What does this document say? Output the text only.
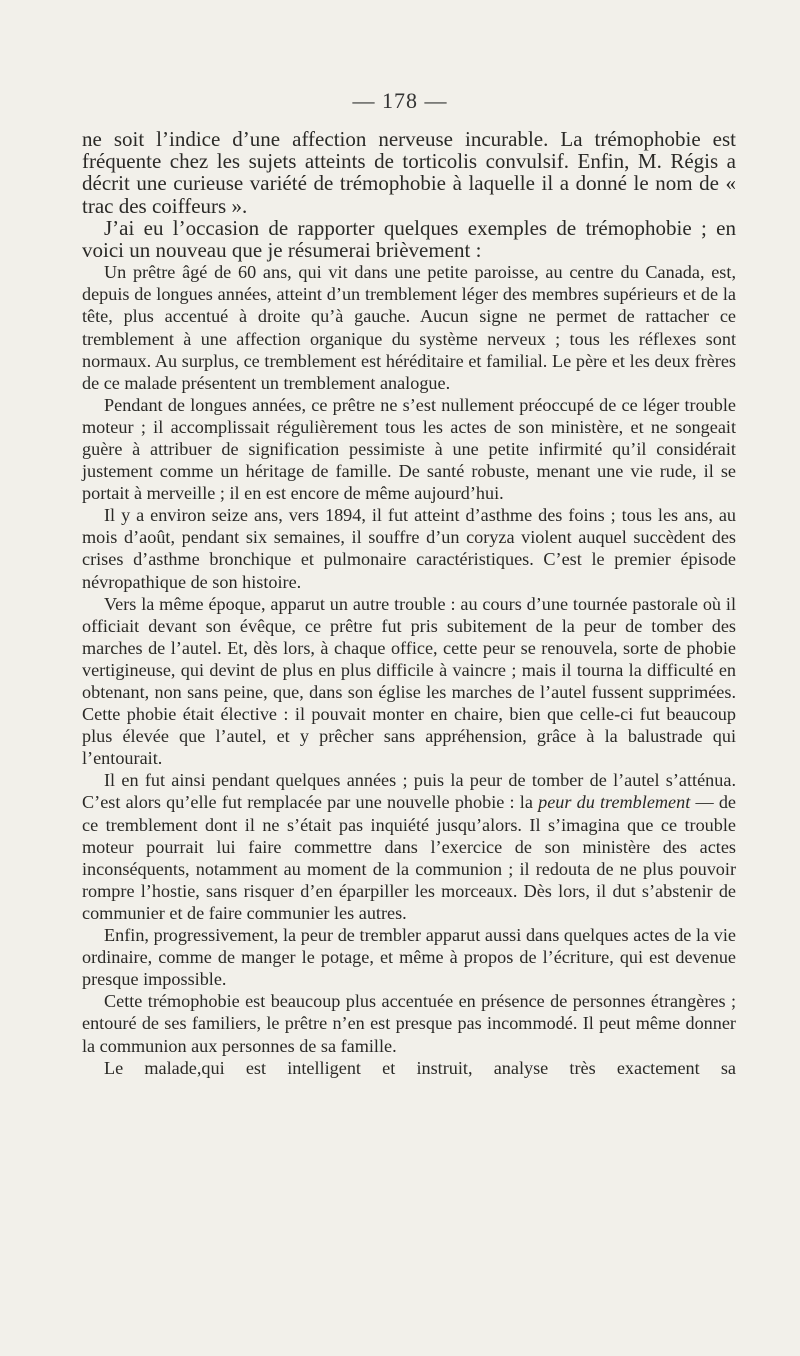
— 178 —

ne soit l’indice d’une affection nerveuse incurable. La trémophobie est fréquente chez les sujets atteints de torticolis convulsif. Enfin, M. Régis a décrit une curieuse variété de trémophobie à laquelle il a donné le nom de « trac des coiffeurs ».

J’ai eu l’occasion de rapporter quelques exemples de trémophobie ; en voici un nouveau que je résumerai brièvement :

Un prêtre âgé de 60 ans, qui vit dans une petite paroisse, au centre du Canada, est, depuis de longues années, atteint d’un tremblement léger des membres supérieurs et de la tête, plus accentué à droite qu’à gauche. Aucun signe ne permet de rattacher ce tremblement à une affection organique du système nerveux ; tous les réflexes sont normaux. Au surplus, ce tremblement est héréditaire et familial. Le père et les deux frères de ce malade présentent un tremblement analogue.

Pendant de longues années, ce prêtre ne s’est nullement préoccupé de ce léger trouble moteur ; il accomplissait régulièrement tous les actes de son ministère, et ne songeait guère à attribuer de signification pessimiste à une petite infirmité qu’il considérait justement comme un héritage de famille. De santé robuste, menant une vie rude, il se portait à merveille ; il en est encore de même aujourd’hui.

Il y a environ seize ans, vers 1894, il fut atteint d’asthme des foins ; tous les ans, au mois d’août, pendant six semaines, il souffre d’un coryza violent auquel succèdent des crises d’asthme bronchique et pulmonaire caractéristiques. C’est le premier épisode névropathique de son histoire.

Vers la même époque, apparut un autre trouble : au cours d’une tournée pastorale où il officiait devant son évêque, ce prêtre fut pris subitement de la peur de tomber des marches de l’autel. Et, dès lors, à chaque office, cette peur se renouvela, sorte de phobie vertigineuse, qui devint de plus en plus difficile à vaincre ; mais il tourna la difficulté en obtenant, non sans peine, que, dans son église les marches de l’autel fussent supprimées. Cette phobie était élective : il pouvait monter en chaire, bien que celle-ci fut beaucoup plus élevée que l’autel, et y prêcher sans appréhension, grâce à la balustrade qui l’entourait.

Il en fut ainsi pendant quelques années ; puis la peur de tomber de l’autel s’atténua. C’est alors qu’elle fut remplacée par une nouvelle phobie : la peur du tremblement — de ce tremblement dont il ne s’était pas inquiété jusqu’alors. Il s’imagina que ce trouble moteur pourrait lui faire commettre dans l’exercice de son ministère des actes inconséquents, notamment au moment de la communion ; il redouta de ne plus pouvoir rompre l’hostie, sans risquer d’en éparpiller les morceaux. Dès lors, il dut s’abstenir de communier et de faire communier les autres.

Enfin, progressivement, la peur de trembler apparut aussi dans quelques actes de la vie ordinaire, comme de manger le potage, et même à propos de l’écriture, qui est devenue presque impossible.

Cette trémophobie est beaucoup plus accentuée en présence de personnes étrangères ; entouré de ses familiers, le prêtre n’en est presque pas incommodé. Il peut même donner la communion aux personnes de sa famille.

Le malade,qui est intelligent et instruit, analyse très exactement sa
